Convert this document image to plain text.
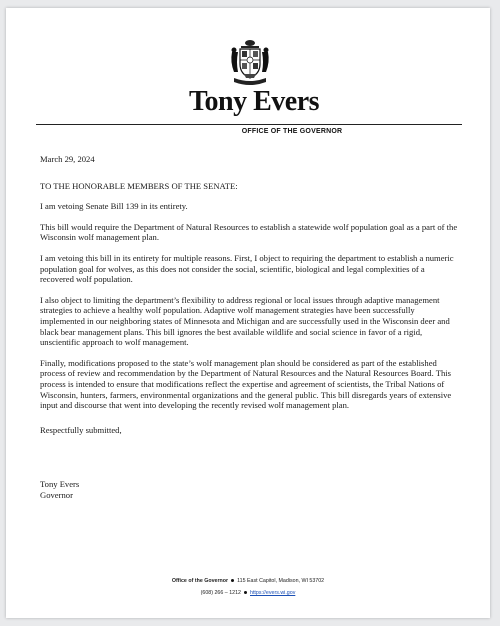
Tony Evers
OFFICE OF THE GOVERNOR

March 29, 2024

TO THE HONORABLE MEMBERS OF THE SENATE:

I am vetoing Senate Bill 139 in its entirety.

This bill would require the Department of Natural Resources to establish a statewide wolf population goal as a part of the Wisconsin wolf management plan.

I am vetoing this bill in its entirety for multiple reasons. First, I object to requiring the department to establish a numeric population goal for wolves, as this does not consider the social, scientific, biological and legal complexities of a recovered wolf population.

I also object to limiting the department’s flexibility to address regional or local issues through adaptive management strategies to achieve a healthy wolf population. Adaptive wolf management strategies have been successfully implemented in our neighboring states of Minnesota and Michigan and are successfully used in the Wisconsin deer and black bear management plans. This bill ignores the best available wildlife and social science in favor of a rigid, unscientific approach to wolf management.

Finally, modifications proposed to the state’s wolf management plan should be considered as part of the established process of review and recommendation by the Department of Natural Resources and the Natural Resources Board. This process is intended to ensure that modifications reflect the expertise and agreement of scientists, the Tribal Nations of Wisconsin, hunters, farmers, environmental organizations and the general public. This bill disregards years of extensive input and discourse that went into developing the recently revised wolf management plan.

Respectfully submitted,

Tony Evers

Governor

Office of the Governor 115 East Capitol, Madison, WI 53702
(608) 266 – 1212 https://evers.wi.gov
